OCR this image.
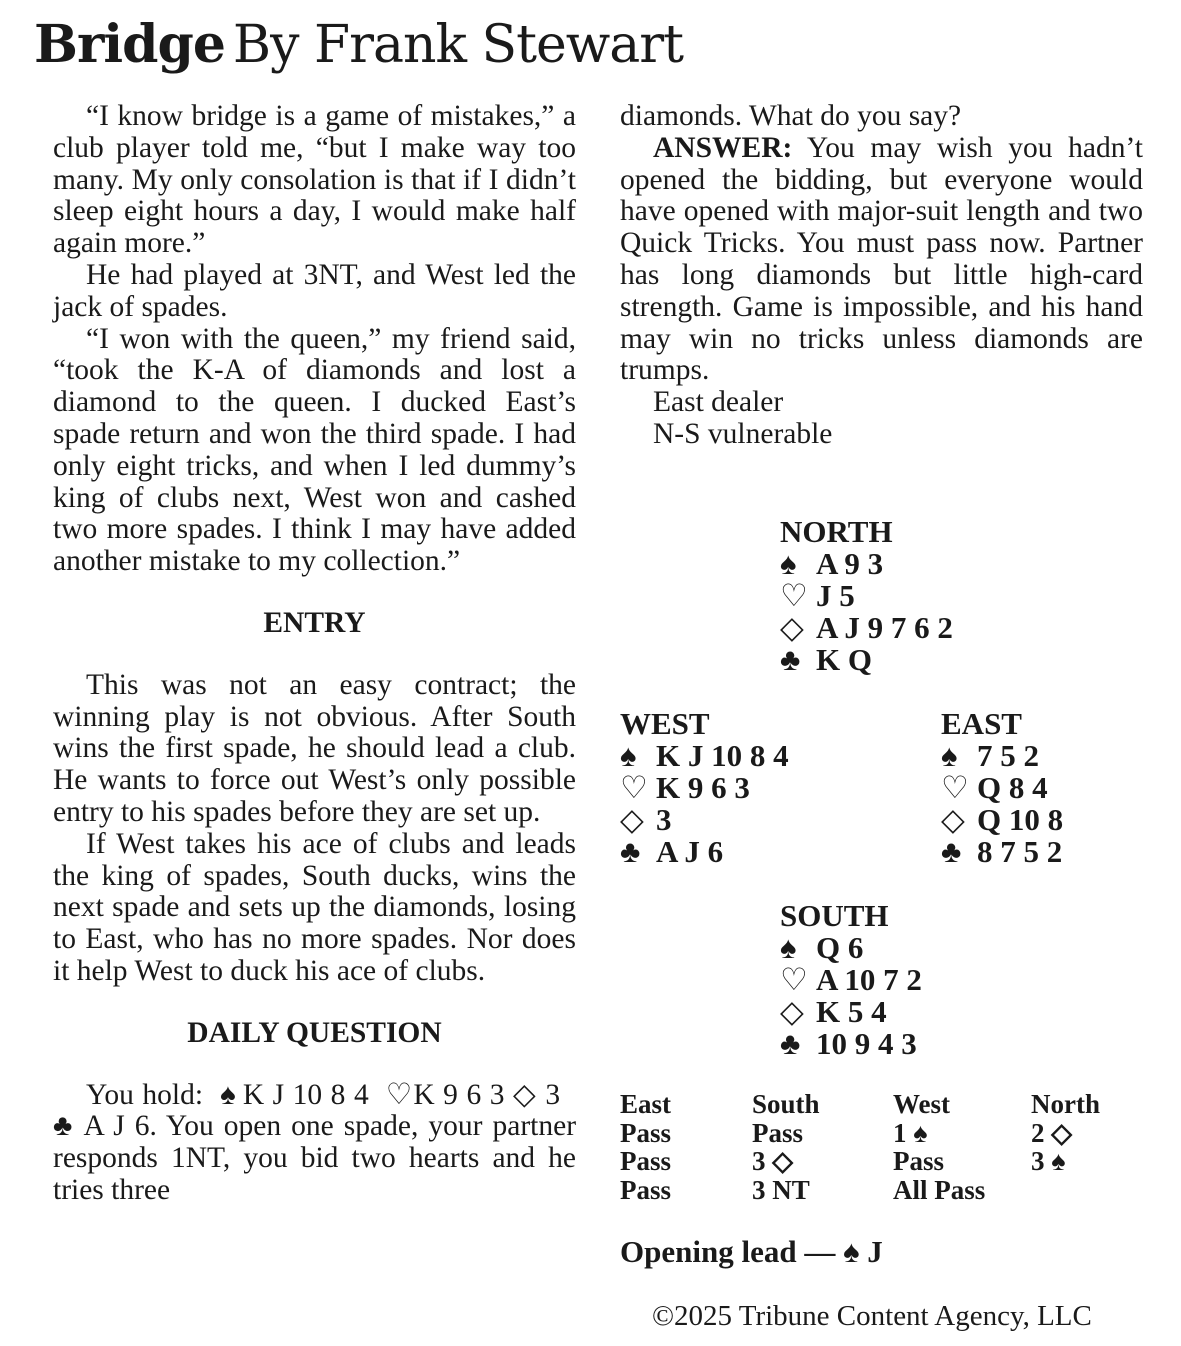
Bridge By Frank Stewart

“I know bridge is a game of mistakes,” a club player told me, “but I make way too many. My only consolation is that if I didn’t sleep eight hours a day, I would make half again more.”

He had played at 3NT, and West led the jack of spades.

“I won with the queen,” my friend said, “took the K-A of diamonds and lost a diamond to the queen. I ducked East’s spade return and won the third spade. I had only eight tricks, and when I led dummy’s king of clubs next, West won and cashed two more spades. I think I may have added another mistake to my collection.”

ENTRY

This was not an easy contract; the winning play is not obvious. After South wins the first spade, he should lead a club. He wants to force out West’s only possible entry to his spades before they are set up.

If West takes his ace of clubs and leads the king of spades, South ducks, wins the next spade and sets up the diamonds, losing to East, who has no more spades. Nor does it help West to duck his ace of clubs.

DAILY QUESTION

You hold: ♠  K J 10 8 4 ♡K 9 6 3 ◇ 3   ♣ A J 6. You open one spade, your partner responds 1NT, you bid two hearts and he tries three

diamonds. What do you say?

ANSWER: You may wish you hadn’t opened the bidding, but everyone would have opened with major-suit length and two Quick Tricks. You must pass now. Partner has long diamonds but little high-card strength. Game is impossible, and his hand may win no tricks unless diamonds are trumps.

East dealer
N-S vulnerable
NORTH
♠ A 9 3
♡ J 5
◇ A J 9 7 6 2
♣ K Q
WEST
♠ K J 10 8 4
♡ K 9 6 3
◇ 3
♣ A J 6
EAST
♠ 7 5 2
♡ Q 8 4
◇ Q 10 8
♣ 8 7 5 2
SOUTH
♠ Q 6
♡ A 10 7 2
◇ K 5 4
♣ 10 9 4 3
East	South	West	North
Pass	Pass	1 ♠	2 ◇
Pass	3 ◇	Pass	3 ♠
Pass	3 NT	All Pass
Opening lead — ♠ J
©2025 Tribune Content Agency, LLC
